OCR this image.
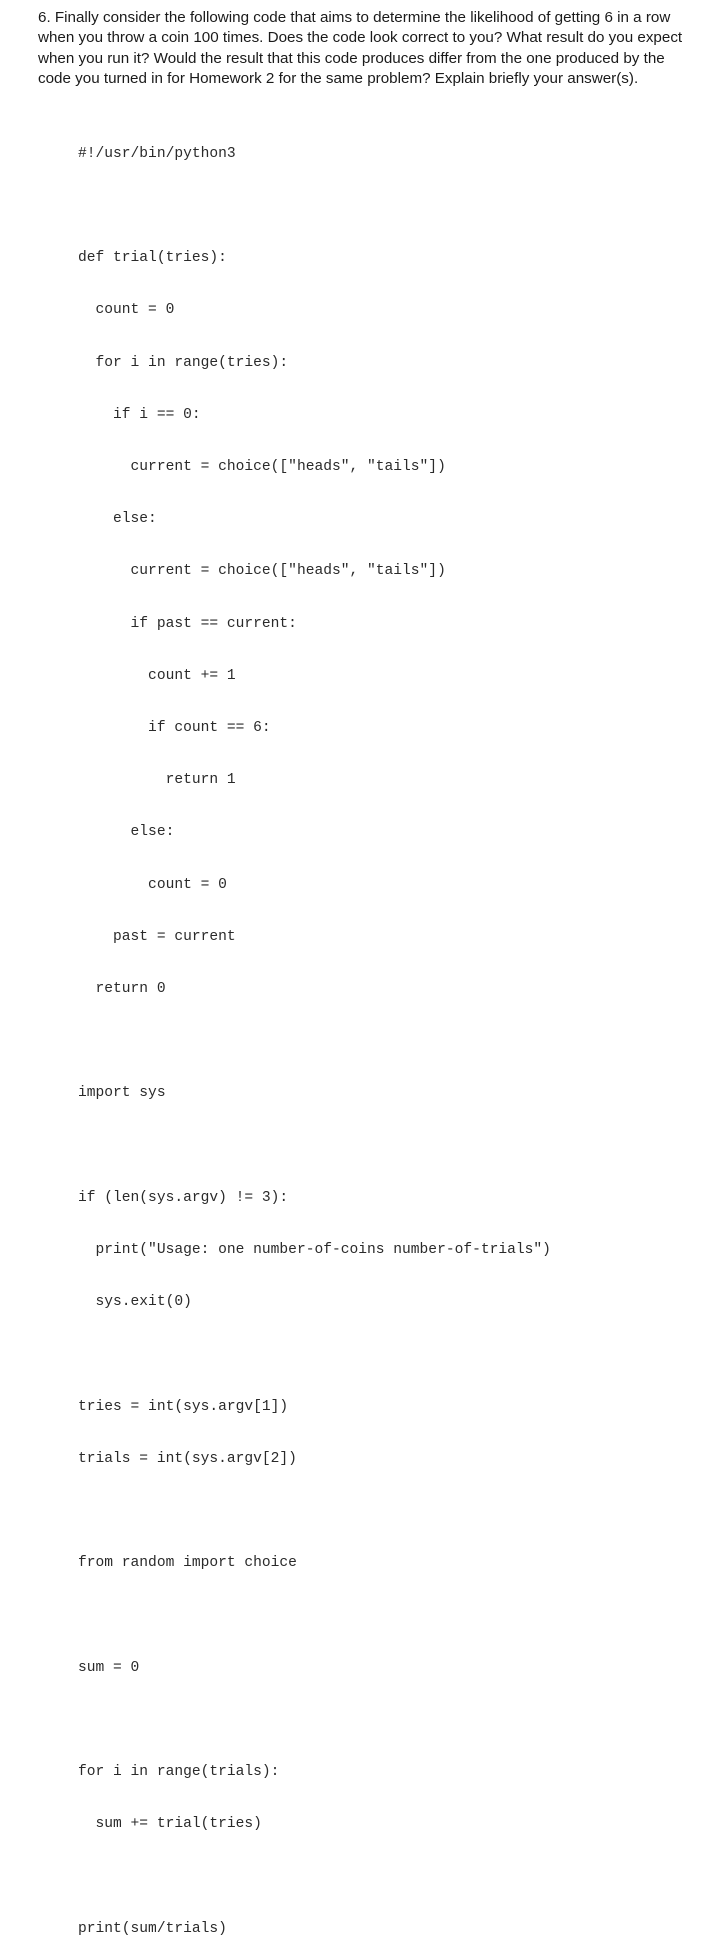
6. Finally consider the following code that aims to determine the likelihood of getting 6 in a row when you throw a coin 100 times. Does the code look correct to you? What result do you expect when you run it? Would the result that this code produces differ from the one produced by the code you turned in for Homework 2 for the same problem? Explain briefly your answer(s).

#!/usr/bin/python3

def trial(tries):

count = 0

for i in range(tries):

if i == 0:

current = choice(["heads", "tails"])

else:

current = choice(["heads", "tails"])

if past == current:

count += 1

if count == 6:

return 1

else:

count = 0

past = current

return 0

import sys

if (len(sys.argv) != 3):

print("Usage: one number-of-coins number-of-trials")

sys.exit(0)

tries = int(sys.argv[1])

trials = int(sys.argv[2])

from random import choice

sum = 0

for i in range(trials):

sum += trial(tries)

print(sum/trials)
